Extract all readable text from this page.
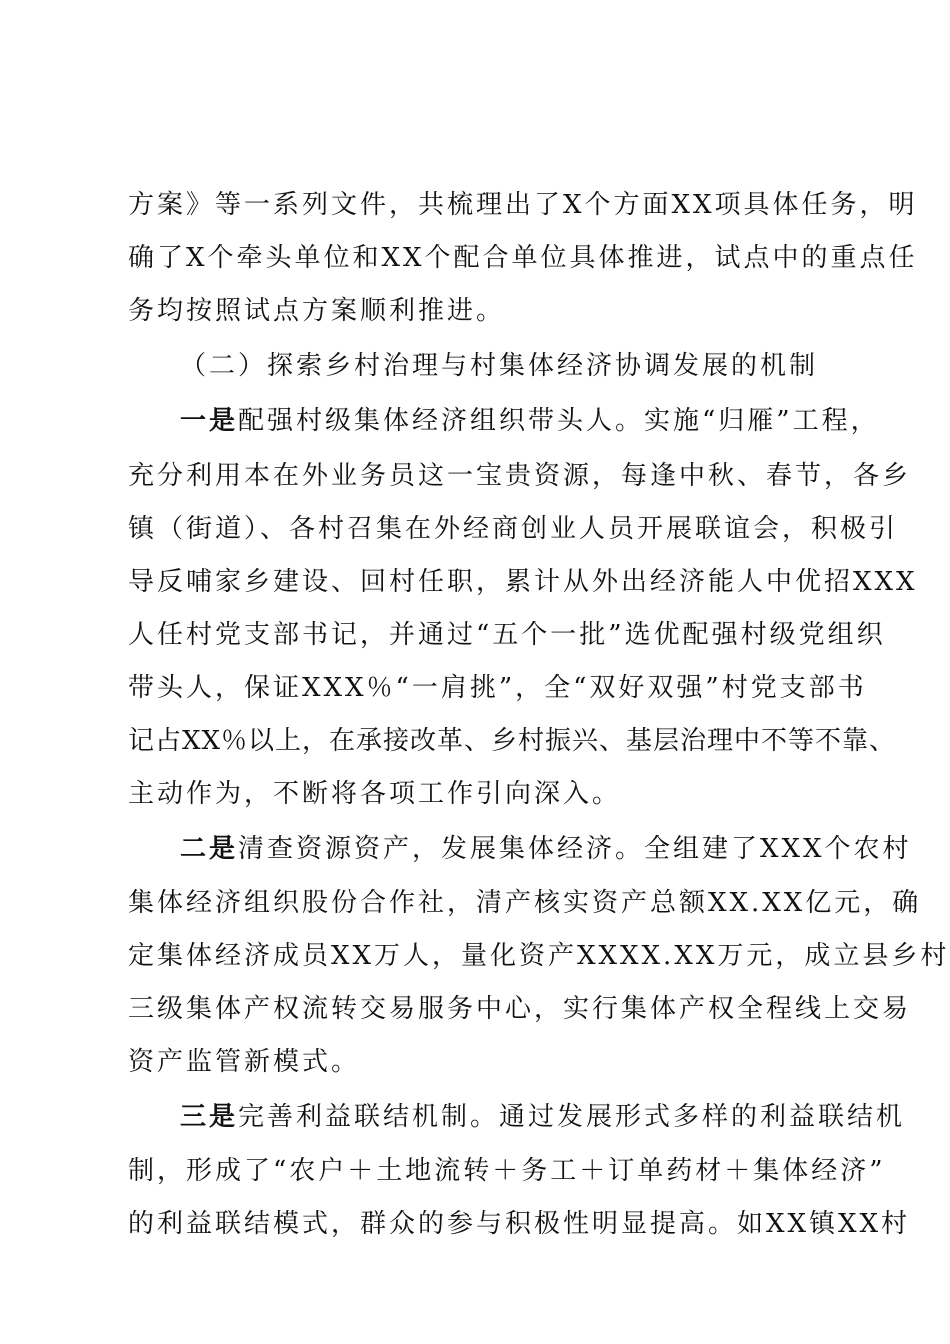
方案》等一系列文件，共梳理出了X个方面XX项具体任务，明
确了X个牵头单位和XX个配合单位具体推进，试点中的重点任
务均按照试点方案顺利推进。
（二）探索乡村治理与村集体经济协调发展的机制
一是配强村级集体经济组织带头人。实施“归雁”工程，
充分利用本在外业务员这一宝贵资源，每逢中秋、春节，各乡
镇（街道）、各村召集在外经商创业人员开展联谊会，积极引
导反哺家乡建设、回村任职，累计从外出经济能人中优招XXX
人任村党支部书记，并通过“五个一批”选优配强村级党组织
带头人，保证XXX％“一肩挑”，全“双好双强”村党支部书
记占XX％以上，在承接改革、乡村振兴、基层治理中不等不靠、
主动作为，不断将各项工作引向深入。
二是清查资源资产，发展集体经济。全组建了XXX个农村
集体经济组织股份合作社，清产核实资产总额XX.XX亿元，确
定集体经济成员XX万人，量化资产XXXX.XX万元，成立县乡村
三级集体产权流转交易服务中心，实行集体产权全程线上交易
资产监管新模式。
三是完善利益联结机制。通过发展形式多样的利益联结机
制，形成了“农户＋土地流转＋务工＋订单药材＋集体经济”
的利益联结模式，群众的参与积极性明显提高。如XX镇XX村
